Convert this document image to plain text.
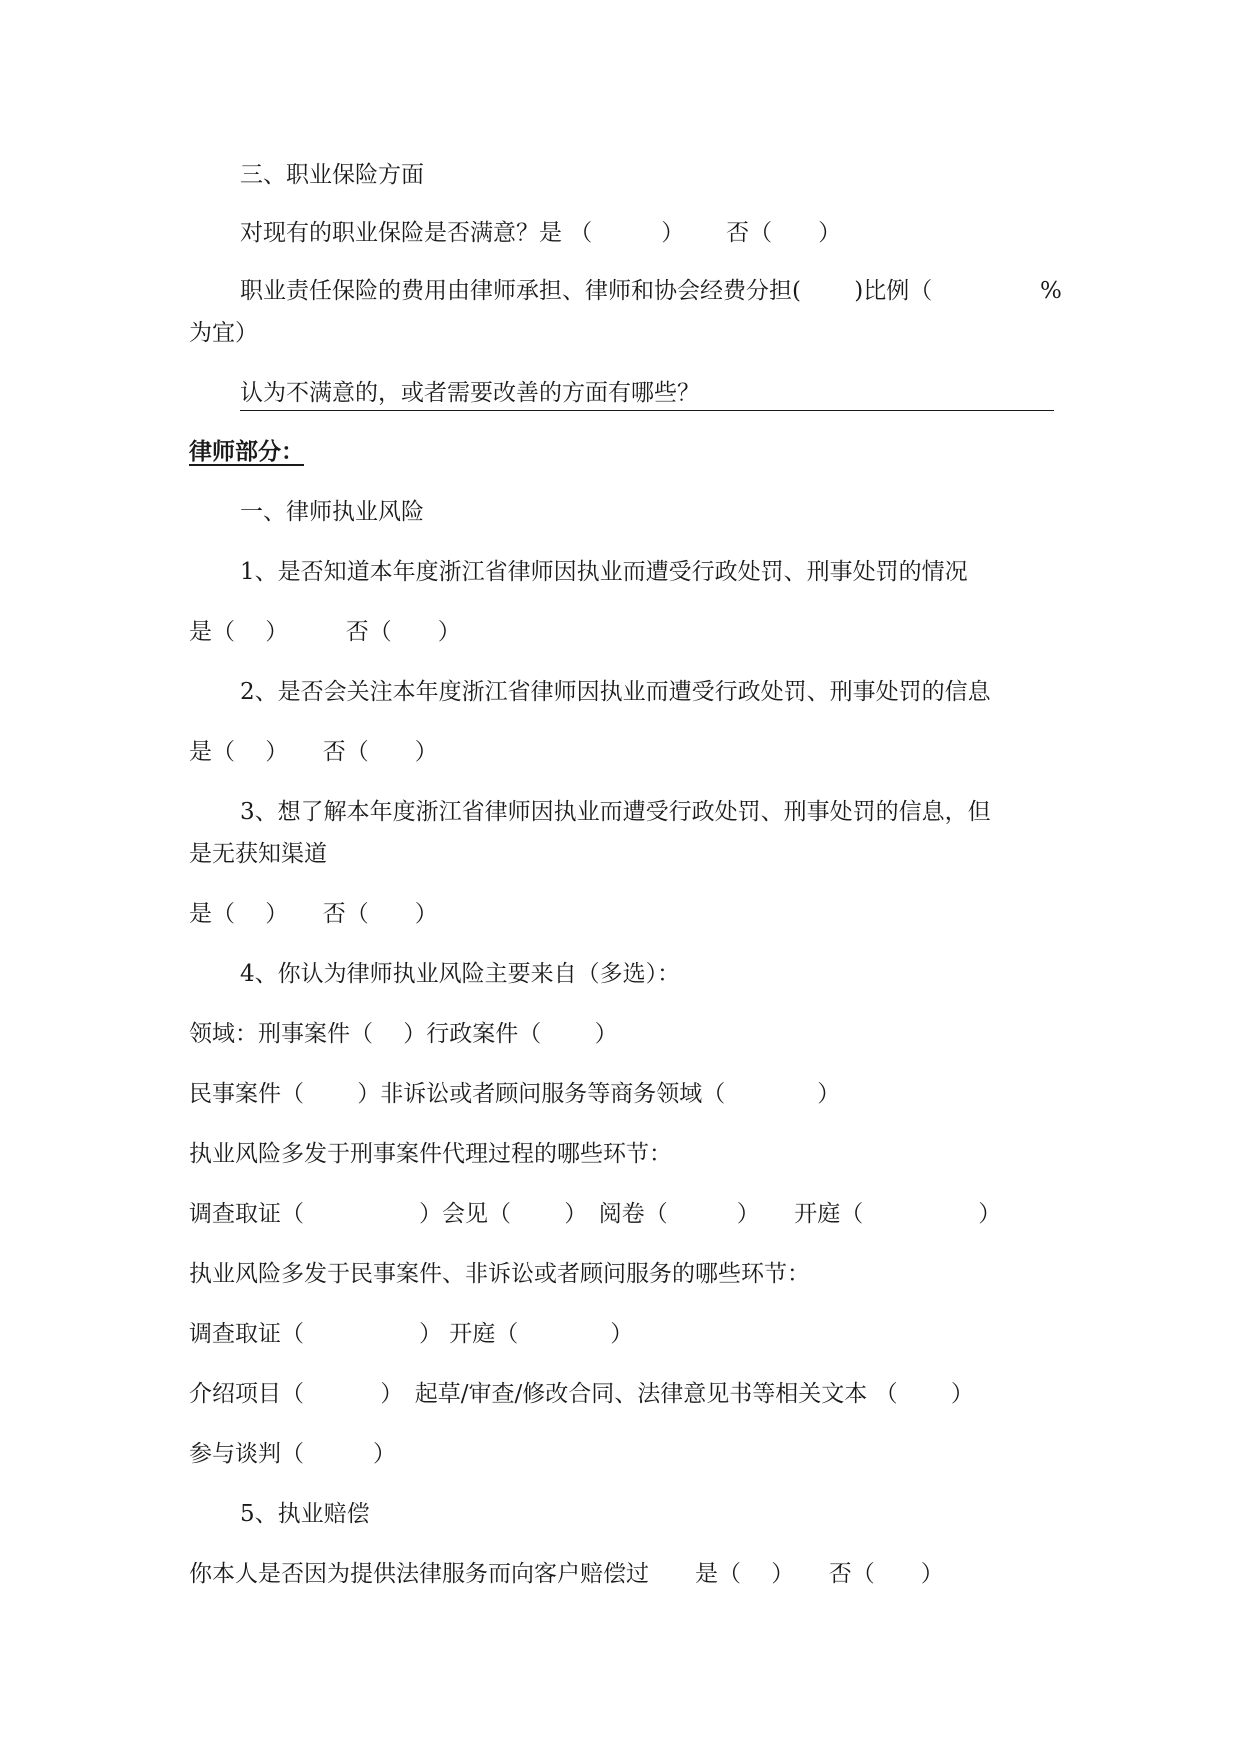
三、职业保险方面
对现有的职业保险是否满意？是 （　　　）　　 否（　　）
职业责任保险的费用由律师承担、律师和协会经费分担(　　 )比例（	%
为宜）
认为不满意的，或者需要改善的方面有哪些？
律师部分：
一、律师执业风险
1、是否知道本年度浙江省律师因执业而遭受行政处罚、刑事处罚的情况
是（　 ）　　　否（　　）
2、是否会关注本年度浙江省律师因执业而遭受行政处罚、刑事处罚的信息
是（　 ）　　否（　　）
3、想了解本年度浙江省律师因执业而遭受行政处罚、刑事处罚的信息，但
是无获知渠道
是（　 ）　　否（　　）
4、你认为律师执业风险主要来自（多选）：
领域：刑事案件（　 ）行政案件（　　 ）
民事案件（　　 ）非诉讼或者顾问服务等商务领域（　　　　）
执业风险多发于刑事案件代理过程的哪些环节：
调查取证（　　　　　）会见（　　 ）　阅卷（　　　）　　开庭（　　　　　）
执业风险多发于民事案件、非诉讼或者顾问服务的哪些环节：
调查取证（　　　　　） 开庭（　　　　）
介绍项目（　　　 ）　起草/审查/修改合同、法律意见书等相关文本 （　　 ）
参与谈判（　　　）
5、执业赔偿
你本人是否因为提供法律服务而向客户赔偿过　　是（　 ）　　否（　　）
